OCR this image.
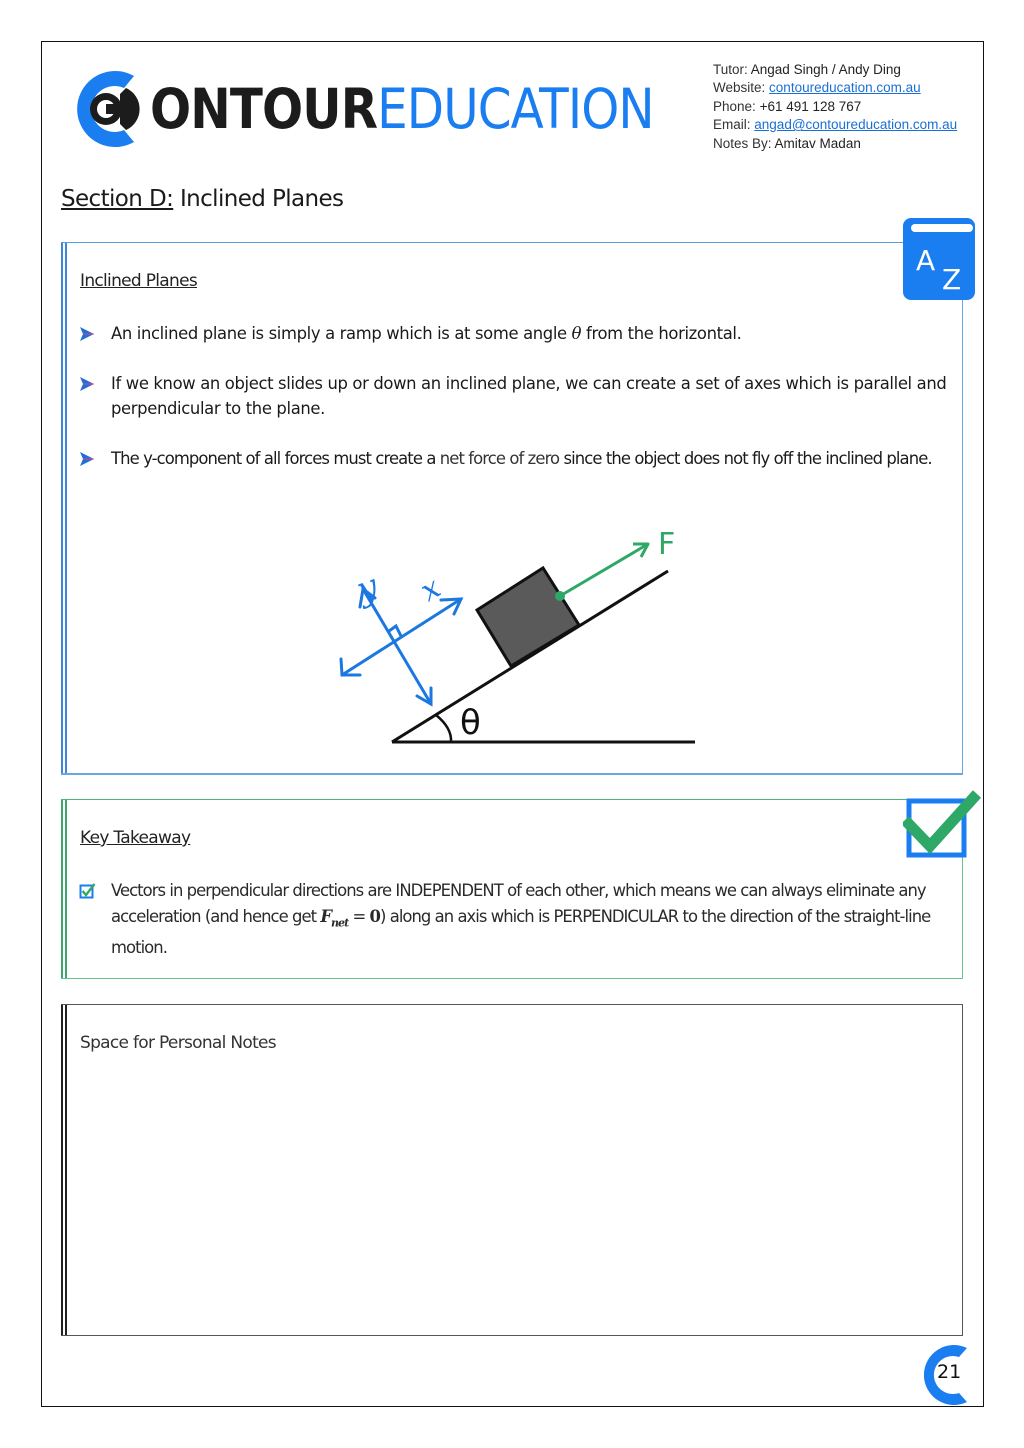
ONTOUREDUCATION
Tutor: Angad Singh / Andy Ding
Website: contoureducation.com.au
Phone: +61 491 128 767
Email: angad@contoureducation.com.au
Notes By: Amitav Madan
Section D: Inclined Planes
Inclined Planes
An inclined plane is simply a ramp which is at some angle θ from the horizontal.
If we know an object slides up or down an inclined plane, we can create a set of axes which is parallel and perpendicular to the plane.
The y-component of all forces must create a net force of zero since the object does not fly off the inclined plane.
θ
F
y x
A
Z
Key Takeaway
Vectors in perpendicular directions are INDEPENDENT of each other, which means we can always eliminate any acceleration (and hence get $F_{net} = 0$) along an axis which is PERPENDICULAR to the direction of the straight-line motion.
Space for Personal Notes
21
